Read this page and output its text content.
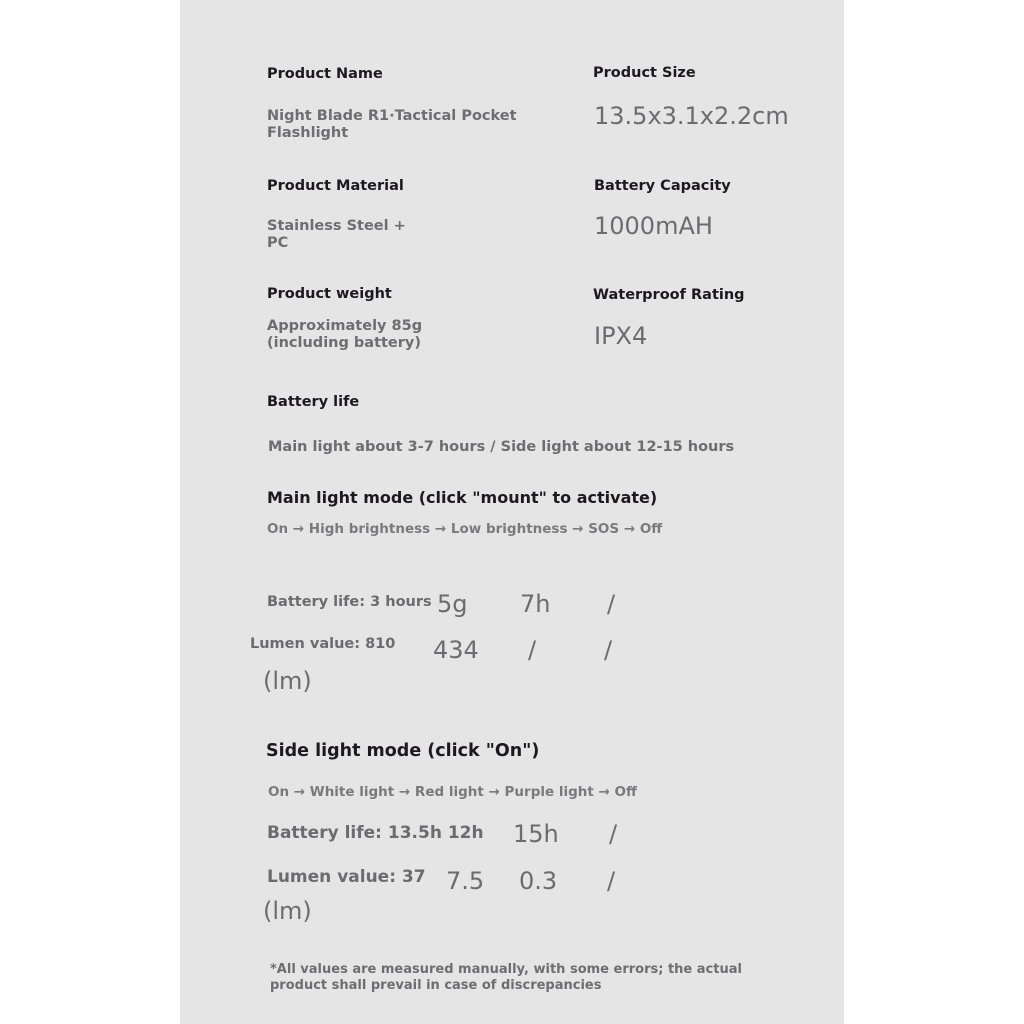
Product Name

Night Blade R1·Tactical Pocket

Flashlight

Product Size

13.5x3.1x2.2cm

Product Material

Stainless Steel +

PC

Battery Capacity

1000mAH

Product weight

Approximately 85g

(including battery)

Waterproof Rating

IPX4

Battery life

Main light about 3-7 hours / Side light about 12-15 hours

Main light mode (click "mount" to activate)

On → High brightness → Low brightness → SOS → Off

Battery life: 3 hours 5g 7h /

Lumen value: 810 434 /	/

(lm)

Side light mode (click "On")

On → White light → Red light → Purple light → Off

Battery life: 13.5h 12h 15h /

Lumen value: 37 7.5 0.3 /

(lm)

*All values are measured manually, with some errors; the actual

product shall prevail in case of discrepancies
